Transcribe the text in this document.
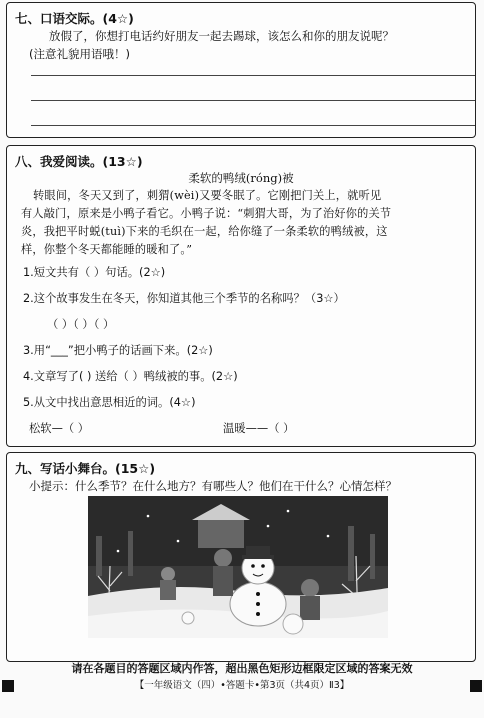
七、口语交际。(4☆)
放假了，你想打电话约好朋友一起去踢球，该怎么和你的朋友说呢？
(注意礼貌用语哦！)
八、我爱阅读。(13☆)
柔软的鸭绒(róng)被
转眼间，冬天又到了，刺猬(wèi)又要冬眠了。它刚把门关上，就听见
有人敲门，原来是小鸭子看它。小鸭子说：“刺猬大哥，为了治好你的关节
炎，我把平时蜕(tuì)下来的毛织在一起，给你缝了一条柔软的鸭绒被，这
样，你整个冬天都能睡的暖和了。”
1.短文共有（ ）句话。(2☆)
2.这个故事发生在冬天，你知道其他三个季节的名称吗？（3☆）
（ ）（ ）（ ）
3.用“___”把小鸭子的话画下来。(2☆)
4.文章写了( ) 送给（ ）鸭绒被的事。(2☆)
5.从文中找出意思相近的词。(4☆)
松软—（ ）	温暖——（ ）
九、写话小舞台。(15☆)
小提示：什么季节？在什么地方？有哪些人？他们在干什么？心情怎样？
请在各题目的答题区域内作答，超出黑色矩形边框限定区域的答案无效
【一年级语文（四）•答题卡•第3页（共4页）Ⅱ3】
